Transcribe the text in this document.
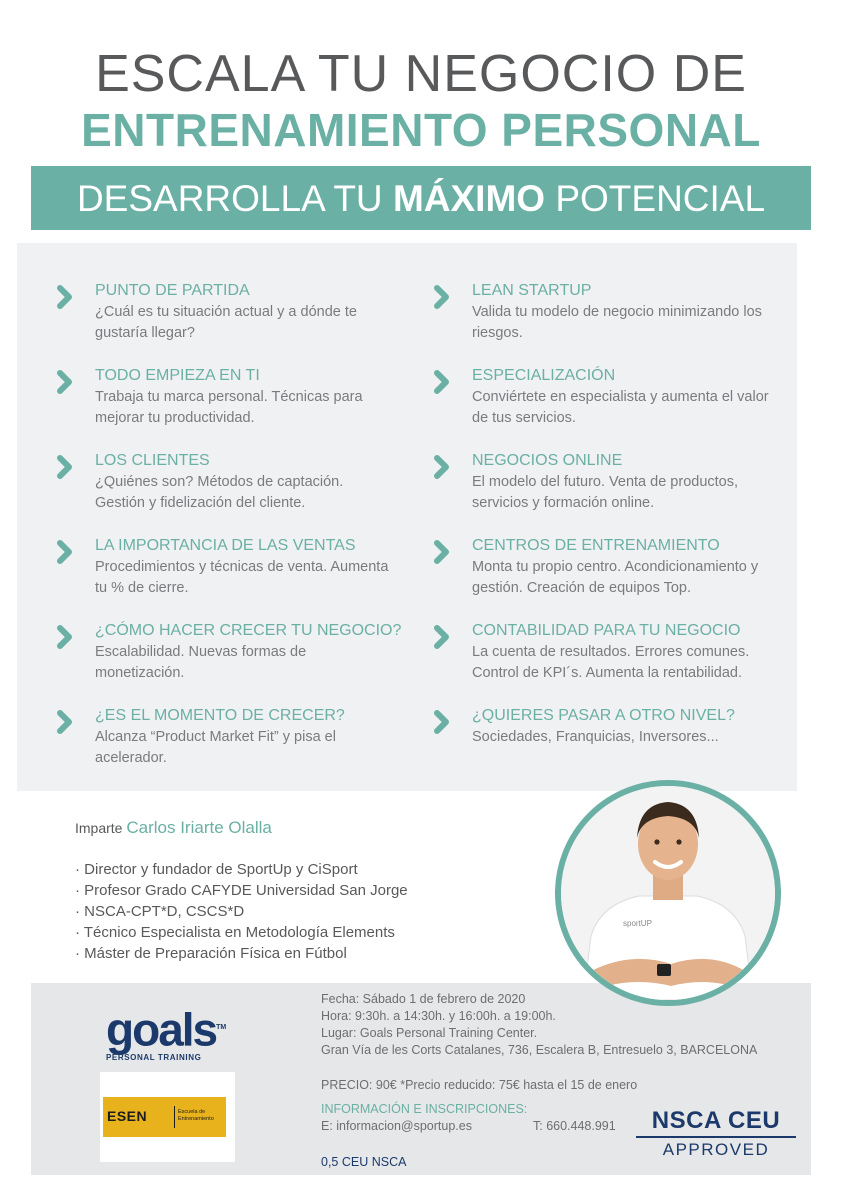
ESCALA TU NEGOCIO DE
ENTRENAMIENTO PERSONAL
DESARROLLA TU MÁXIMO POTENCIAL
PUNTO DE PARTIDA
¿Cuál es tu situación actual y a dónde te gustaría llegar?
TODO EMPIEZA EN TI
Trabaja tu marca personal. Técnicas para mejorar tu productividad.
LOS CLIENTES
¿Quiénes son? Métodos de captación. Gestión y fidelización del cliente.
LA IMPORTANCIA DE LAS VENTAS
Procedimientos y técnicas de venta. Aumenta tu % de cierre.
¿CÓMO HACER CRECER TU NEGOCIO?
Escalabilidad. Nuevas formas de monetización.
¿ES EL MOMENTO DE CRECER?
Alcanza “Product Market Fit” y pisa el acelerador.
LEAN STARTUP
Valida tu modelo de negocio minimizando los riesgos.
ESPECIALIZACIÓN
Conviértete en especialista y aumenta el valor de tus servicios.
NEGOCIOS ONLINE
El modelo del futuro. Venta de productos, servicios y formación online.
CENTROS DE ENTRENAMIENTO
Monta tu propio centro. Acondicionamiento y gestión. Creación de equipos Top.
CONTABILIDAD PARA TU NEGOCIO
La cuenta de resultados. Errores comunes. Control de KPI´s. Aumenta la rentabilidad.
¿QUIERES PASAR A OTRO NIVEL?
Sociedades, Franquicias, Inversores...
Imparte Carlos Iriarte Olalla
· Director y fundador de SportUp y CiSport
· Profesor Grado CAFYDE Universidad San Jorge
· NSCA-CPT*D, CSCS*D
· Técnico Especialista en Metodología Elements
· Máster de Preparación Física en Fútbol
sportUP
goals™
PERSONAL TRAINING
ESEN	Escuela de Entrenamiento
Fecha: Sábado 1 de febrero de 2020
Hora: 9:30h. a 14:30h. y 16:00h. a 19:00h.
Lugar: Goals Personal Training Center.
Gran Vía de les Corts Catalanes, 736, Escalera B, Entresuelo 3, BARCELONA
PRECIO: 90€ *Precio reducido: 75€ hasta el 15 de enero
INFORMACIÓN E INSCRIPCIONES:
E: informacion@sportup.es	T: 660.448.991
0,5 CEU NSCA
NSCA CEU
APPROVED
